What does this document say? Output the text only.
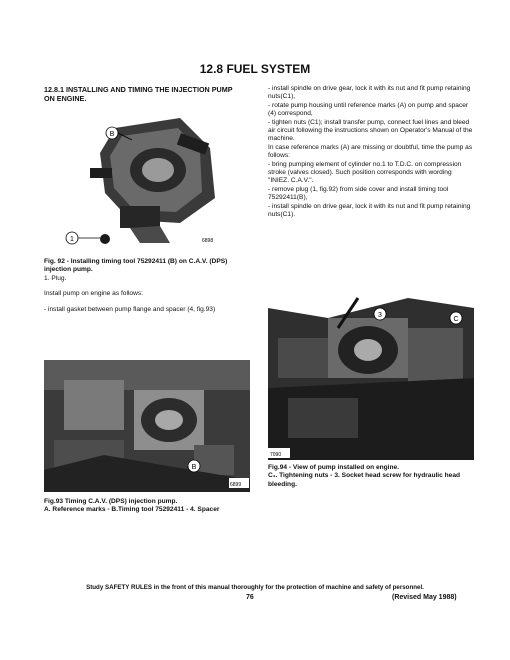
12.8 FUEL SYSTEM
12.8.1 INSTALLING AND TIMING THE INJECTION PUMP ON ENGINE.

- install spindle on drive gear, lock it with its nut and fit pump retaining nuts(C1),

- rotate pump housing until reference marks (A) on pump and spacer (4) correspond,

- tighten nuts (C1); install transfer pump, connect fuel lines and bleed air circuit following the instructions shown on Operator's Manual of the machine.

In case reference marks (A) are missing or doubtful, time the pump as follows:

- bring pumping element of cylinder no.1 to T.D.C. on compression stroke (valves closed). Such position corresponds with wording "INIEZ. C.A.V.".

- remove plug (1, fig.92) from side cover and install timing tool 75292411(B),

- install spindle on drive gear, lock it with its nut and fit pump retaining nuts(C1).

B
1	6898
Fig. 92 - Installing timing tool 75292411 (B) on C.A.V. (DPS) injection pump.
1. Plug.
Install pump on engine as follows:
- install gasket between pump flange and spacer (4, fig.93)
B
6899
Fig.93 Timing C.A.V. (DPS) injection pump.
A. Reference marks - B.Timing tool 75292411 - 4. Spacer
3
C
7090
Fig.94 - View of pump installed on engine.
C₁. Tightening nuts - 3. Socket head screw for hydraulic head bleeding.
Study SAFETY RULES in the front of this manual thoroughly for the protection of machine and safety of personnel.
76	(Revised May 1988)
